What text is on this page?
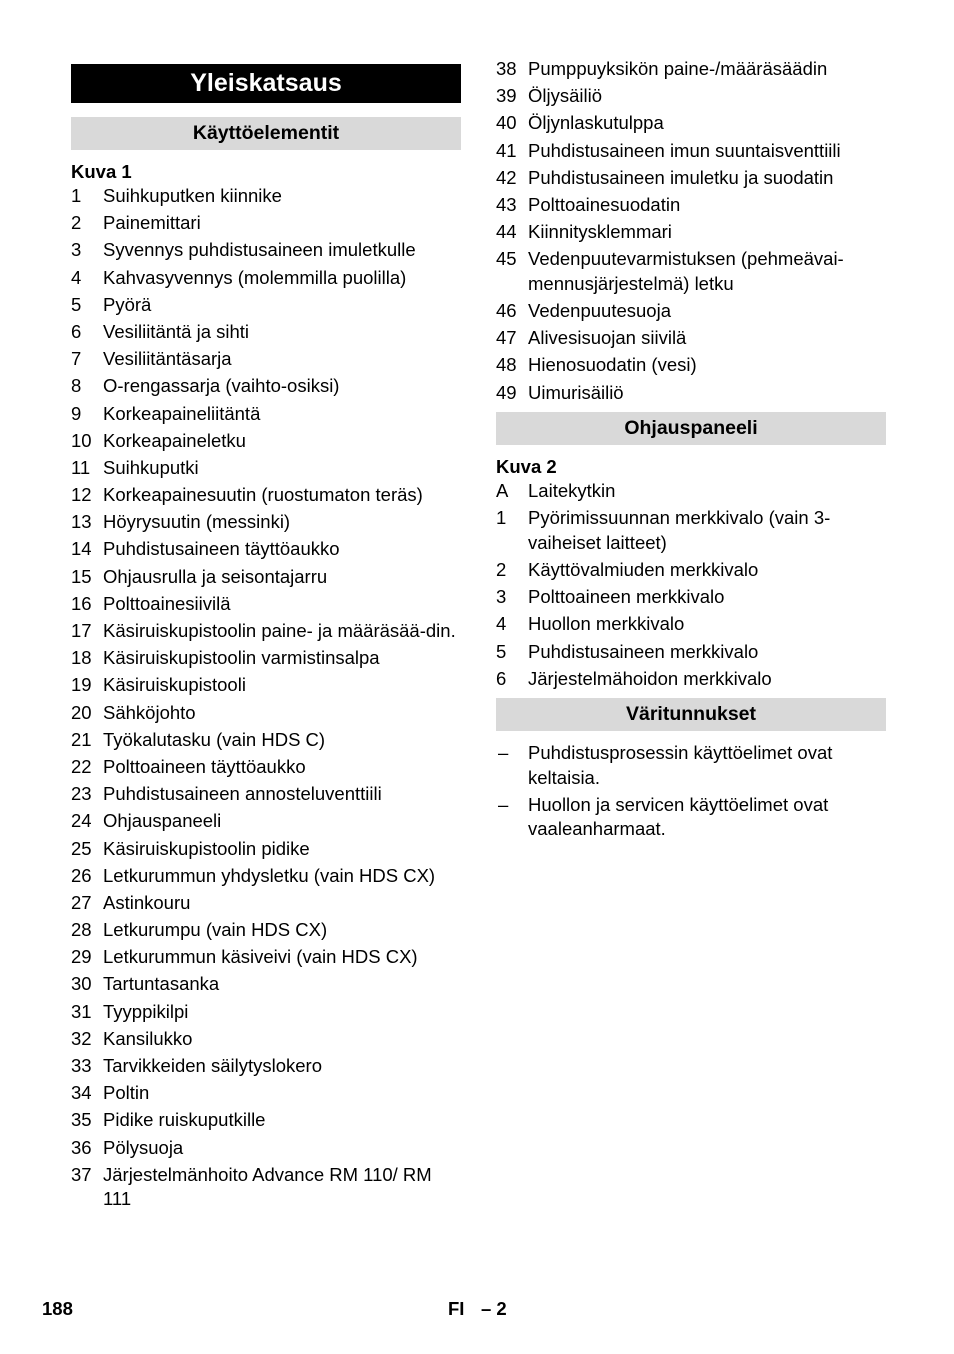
Yleiskatsaus
Käyttöelementit
Kuva 1
1	Suihkuputken kiinnike
2	Painemittari
3	Syvennys puhdistusaineen imuletkulle
4	Kahvasyvennys (molemmilla puolilla)
5	Pyörä
6	Vesiliitäntä ja sihti
7	Vesiliitäntäsarja
8	O-rengassarja (vaihto-osiksi)
9	Korkeapaineliitäntä
10 Korkeapaineletku
11 Suihkuputki
12 Korkeapainesuutin (ruostumaton teräs)
13 Höyrysuutin (messinki)
14 Puhdistusaineen täyttöaukko
15 Ohjausrulla ja seisontajarru
16 Polttoainesiivilä
17 Käsiruiskupistoolin paine- ja määräsää-din.
18 Käsiruiskupistoolin varmistinsalpa
19 Käsiruiskupistooli
20 Sähköjohto
21 Työkalutasku (vain HDS C)
22 Polttoaineen täyttöaukko
23 Puhdistusaineen annosteluventtiili
24 Ohjauspaneeli
25 Käsiruiskupistoolin pidike
26 Letkurummun yhdysletku (vain HDS CX)
27 Astinkouru
28 Letkurumpu (vain HDS CX)
29 Letkurummun käsiveivi (vain HDS CX)
30 Tartuntasanka
31 Tyyppikilpi
32 Kansilukko
33 Tarvikkeiden säilytyslokero
34 Poltin
35 Pidike ruiskuputkille
36 Pölysuoja
37 Järjestelmänhoito Advance RM 110/ RM 111
38 Pumppuyksikön paine-/määräsäädin
39 Öljysäiliö
40 Öljynlaskutulppa
41 Puhdistusaineen imun suuntaisventtiili
42 Puhdistusaineen imuletku ja suodatin
43 Polttoainesuodatin
44 Kiinnitysklemmari
45 Vedenpuutevarmistuksen (pehmeävai-mennusjärjestelmä) letku
46 Vedenpuutesuoja
47 Alivesisuojan siivilä
48 Hienosuodatin (vesi)
49 Uimurisäiliö
Ohjauspaneeli
Kuva 2
A	Laitekytkin
1	Pyörimissuunnan merkkivalo (vain 3-vaiheiset laitteet)
2	Käyttövalmiuden merkkivalo
3	Polttoaineen merkkivalo
4	Huollon merkkivalo
5	Puhdistusaineen merkkivalo
6	Järjestelmähoidon merkkivalo
Väritunnukset
–	Puhdistusprosessin käyttöelimet ovat keltaisia.
–	Huollon ja servicen käyttöelimet ovat vaaleanharmaat.
188	FI – 2
